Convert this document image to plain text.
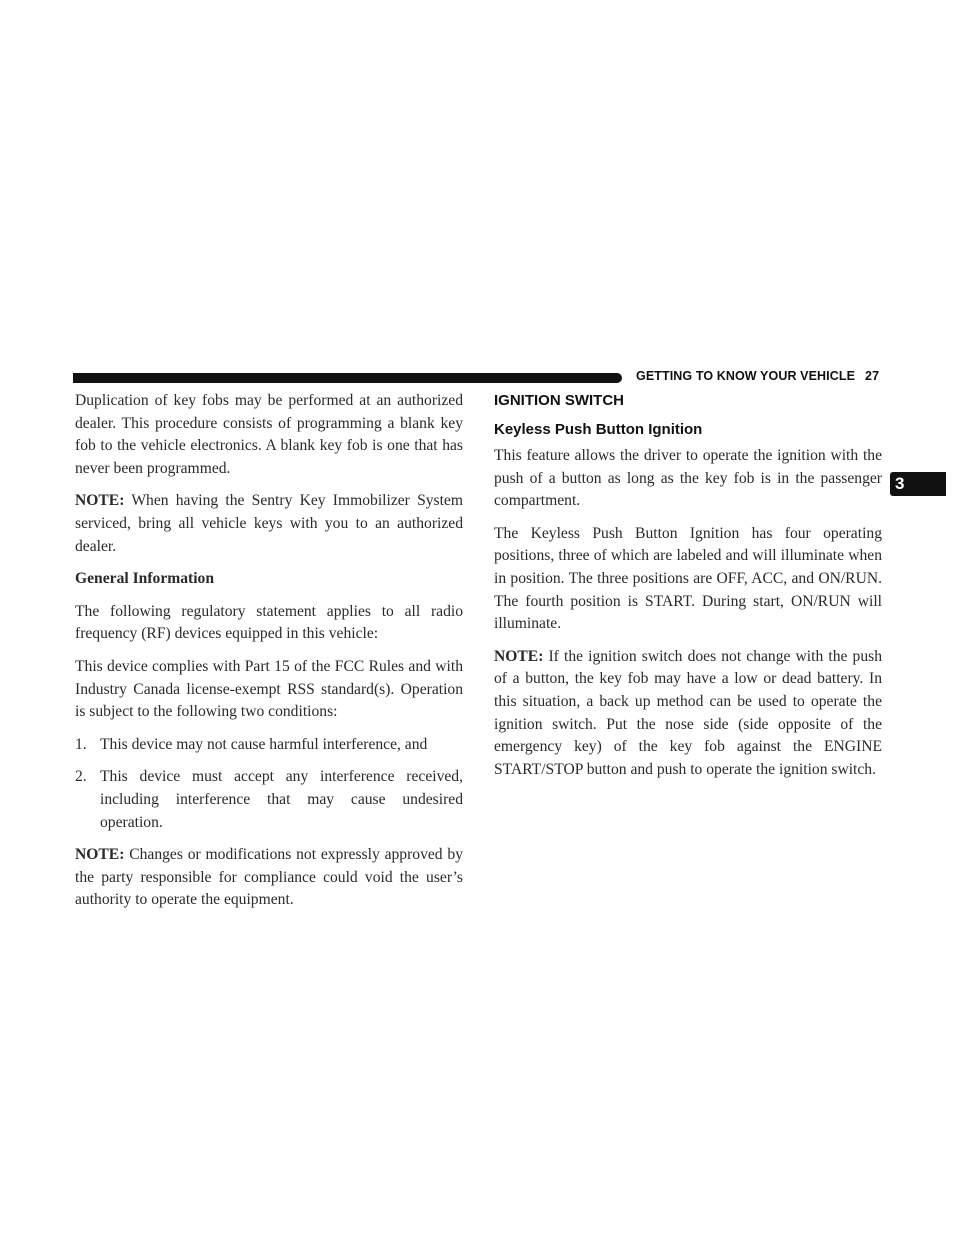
GETTING TO KNOW YOUR VEHICLE 27
3

Duplication of key fobs may be performed at an authorized dealer. This procedure consists of programming a blank key fob to the vehicle electronics. A blank key fob is one that has never been programmed.

NOTE: When having the Sentry Key Immobilizer System serviced, bring all vehicle keys with you to an authorized dealer.

General Information

The following regulatory statement applies to all radio frequency (RF) devices equipped in this vehicle:

This device complies with Part 15 of the FCC Rules and with Industry Canada license-exempt RSS standard(s). Operation is subject to the following two conditions:

1. This device may not cause harmful interference, and
2. This device must accept any interference received, including interference that may cause undesired operation.

NOTE: Changes or modifications not expressly approved by the party responsible for compliance could void the user’s authority to operate the equipment.

IGNITION SWITCH
Keyless Push Button Ignition

This feature allows the driver to operate the ignition with the push of a button as long as the key fob is in the passenger compartment.

The Keyless Push Button Ignition has four operating positions, three of which are labeled and will illuminate when in position. The three positions are OFF, ACC, and ON/RUN. The fourth position is START. During start, ON/RUN will illuminate.

NOTE: If the ignition switch does not change with the push of a button, the key fob may have a low or dead battery. In this situation, a back up method can be used to operate the ignition switch. Put the nose side (side opposite of the emergency key) of the key fob against the ENGINE START/STOP button and push to operate the ignition switch.
